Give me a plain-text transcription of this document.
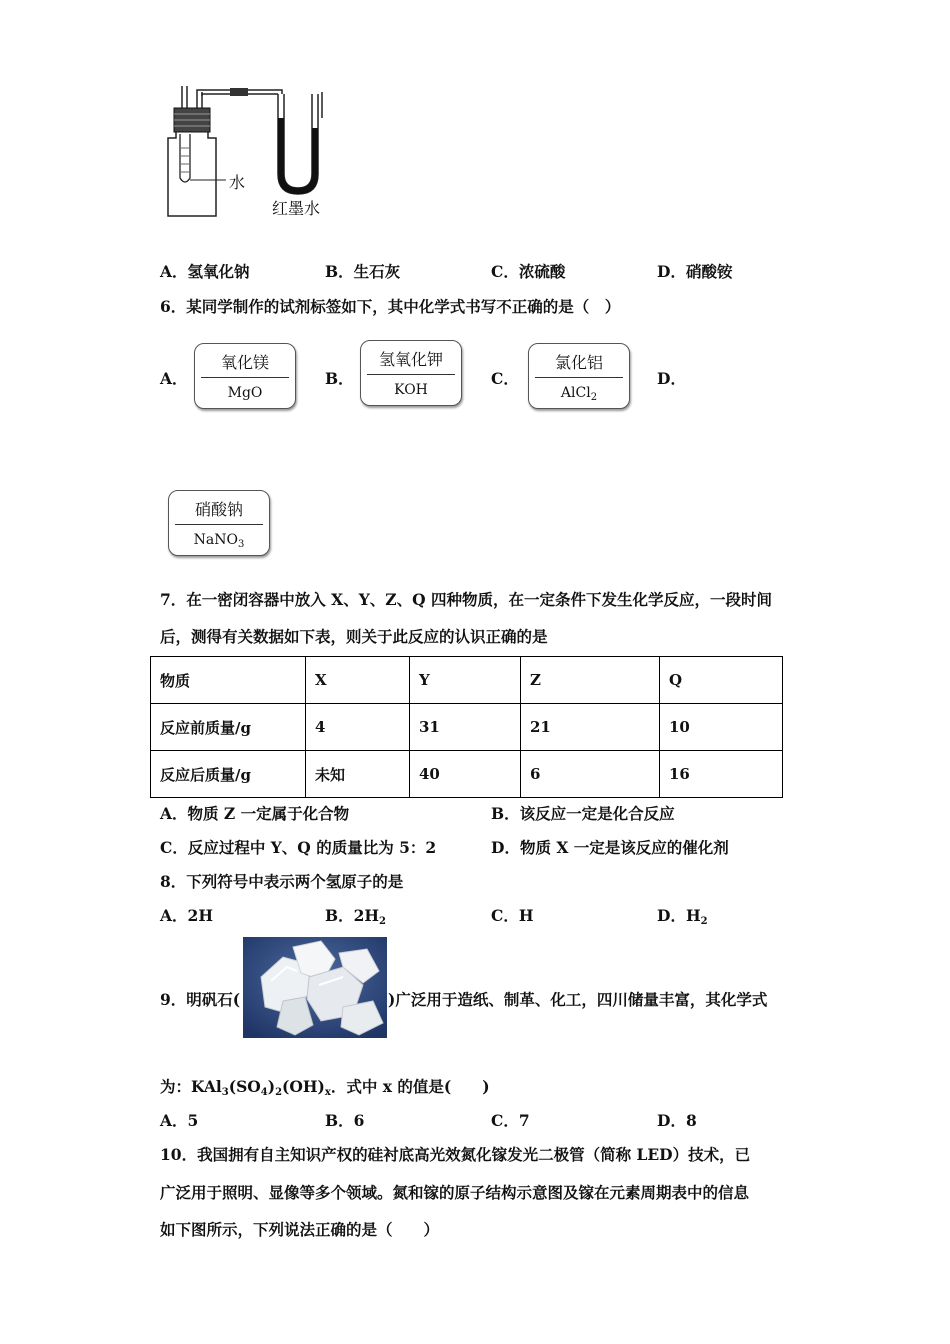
水
红墨水
A．氢氧化钠	B．生石灰	C．浓硫酸	D．硝酸铵
6．某同学制作的试剂标签如下，其中化学式书写不正确的是（　）
A．
氧化镁
MgO
B．
氢氧化钾
KOH
C．
氯化铝
AlCl$_2$
D．
硝酸钠
NaNO$_3$
7．在一密闭容器中放入 X、Y、Z、Q 四种物质，在一定条件下发生化学反应，一段时间
后，测得有关数据如下表，则关于此反应的认识正确的是
物质	X	Y	Z	Q
反应前质量/g	4	31	21	10
反应后质量/g	未知	40	6	16
A．物质 Z 一定属于化合物	B．该反应一定是化合反应
C．反应过程中 Y、Q 的质量比为 5：2	D．物质 X 一定是该反应的催化剂
8．下列符号中表示两个氢原子的是
A．2H	B．$2H_2$	C．H	D．$H_2$
9．明矾石(	)广泛用于造纸、制革、化工，四川储量丰富，其化学式
为：$KAl_3(SO_4)_2(OH)_x$．式中 x 的值是(　　)
A．5	B．6	C．7	D．8
10．我国拥有自主知识产权的硅衬底高光效氮化镓发光二极管（简称 LED）技术，已
广泛用于照明、显像等多个领域。氮和镓的原子结构示意图及镓在元素周期表中的信息
如下图所示，下列说法正确的是（　　）
